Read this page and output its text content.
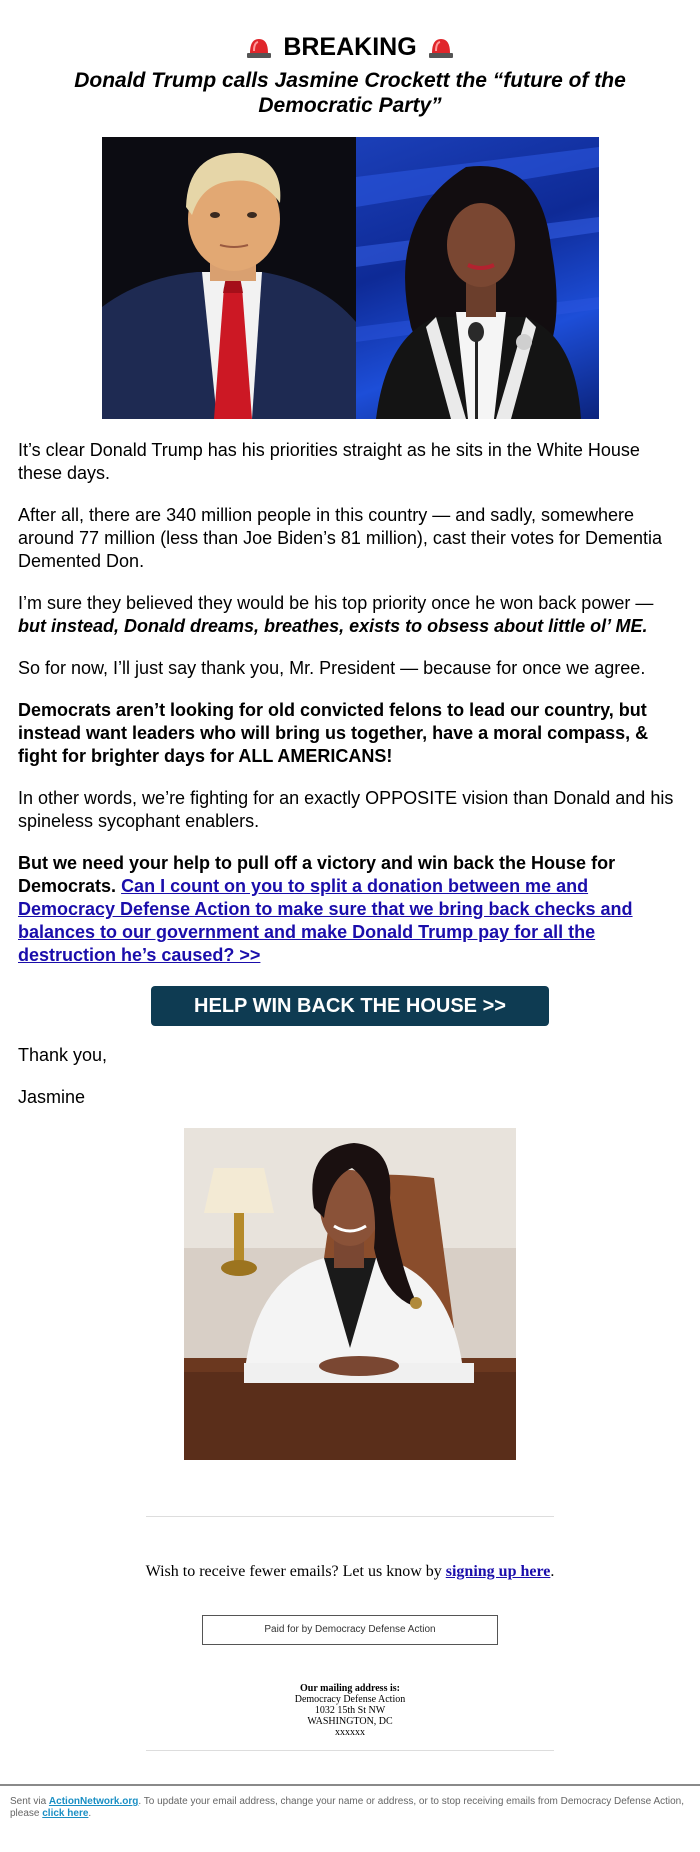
BREAKING
Donald Trump calls Jasmine Crockett the “future of the Democratic Party”

It’s clear Donald Trump has his priorities straight as he sits in the White House these days.

After all, there are 340 million people in this country — and sadly, somewhere around 77 million (less than Joe Biden’s 81 million), cast their votes for Dementia Demented Don.

I’m sure they believed they would be his top priority once he won back power — but instead, Donald dreams, breathes, exists to obsess about little ol’ ME.

So for now, I’ll just say thank you, Mr. President — because for once we agree.

Democrats aren’t looking for old convicted felons to lead our country, but instead want leaders who will bring us together, have a moral compass, & fight for brighter days for ALL AMERICANS!

In other words, we’re fighting for an exactly OPPOSITE vision than Donald and his spineless sycophant enablers.

But we need your help to pull off a victory and win back the House for Democrats. Can I count on you to split a donation between me and Democracy Defense Action to make sure that we bring back checks and balances to our government and make Donald Trump pay for all the destruction he’s caused? >>

HELP WIN BACK THE HOUSE >>

Thank you,

Jasmine

Wish to receive fewer emails? Let us know by signing up here.
Paid for by Democracy Defense Action
Our mailing address is:
Democracy Defense Action
1032 15th St NW
WASHINGTON, DC
xxxxxx
Sent via ActionNetwork.org. To update your email address, change your name or address, or to stop receiving emails from Democracy Defense Action, please click here.
